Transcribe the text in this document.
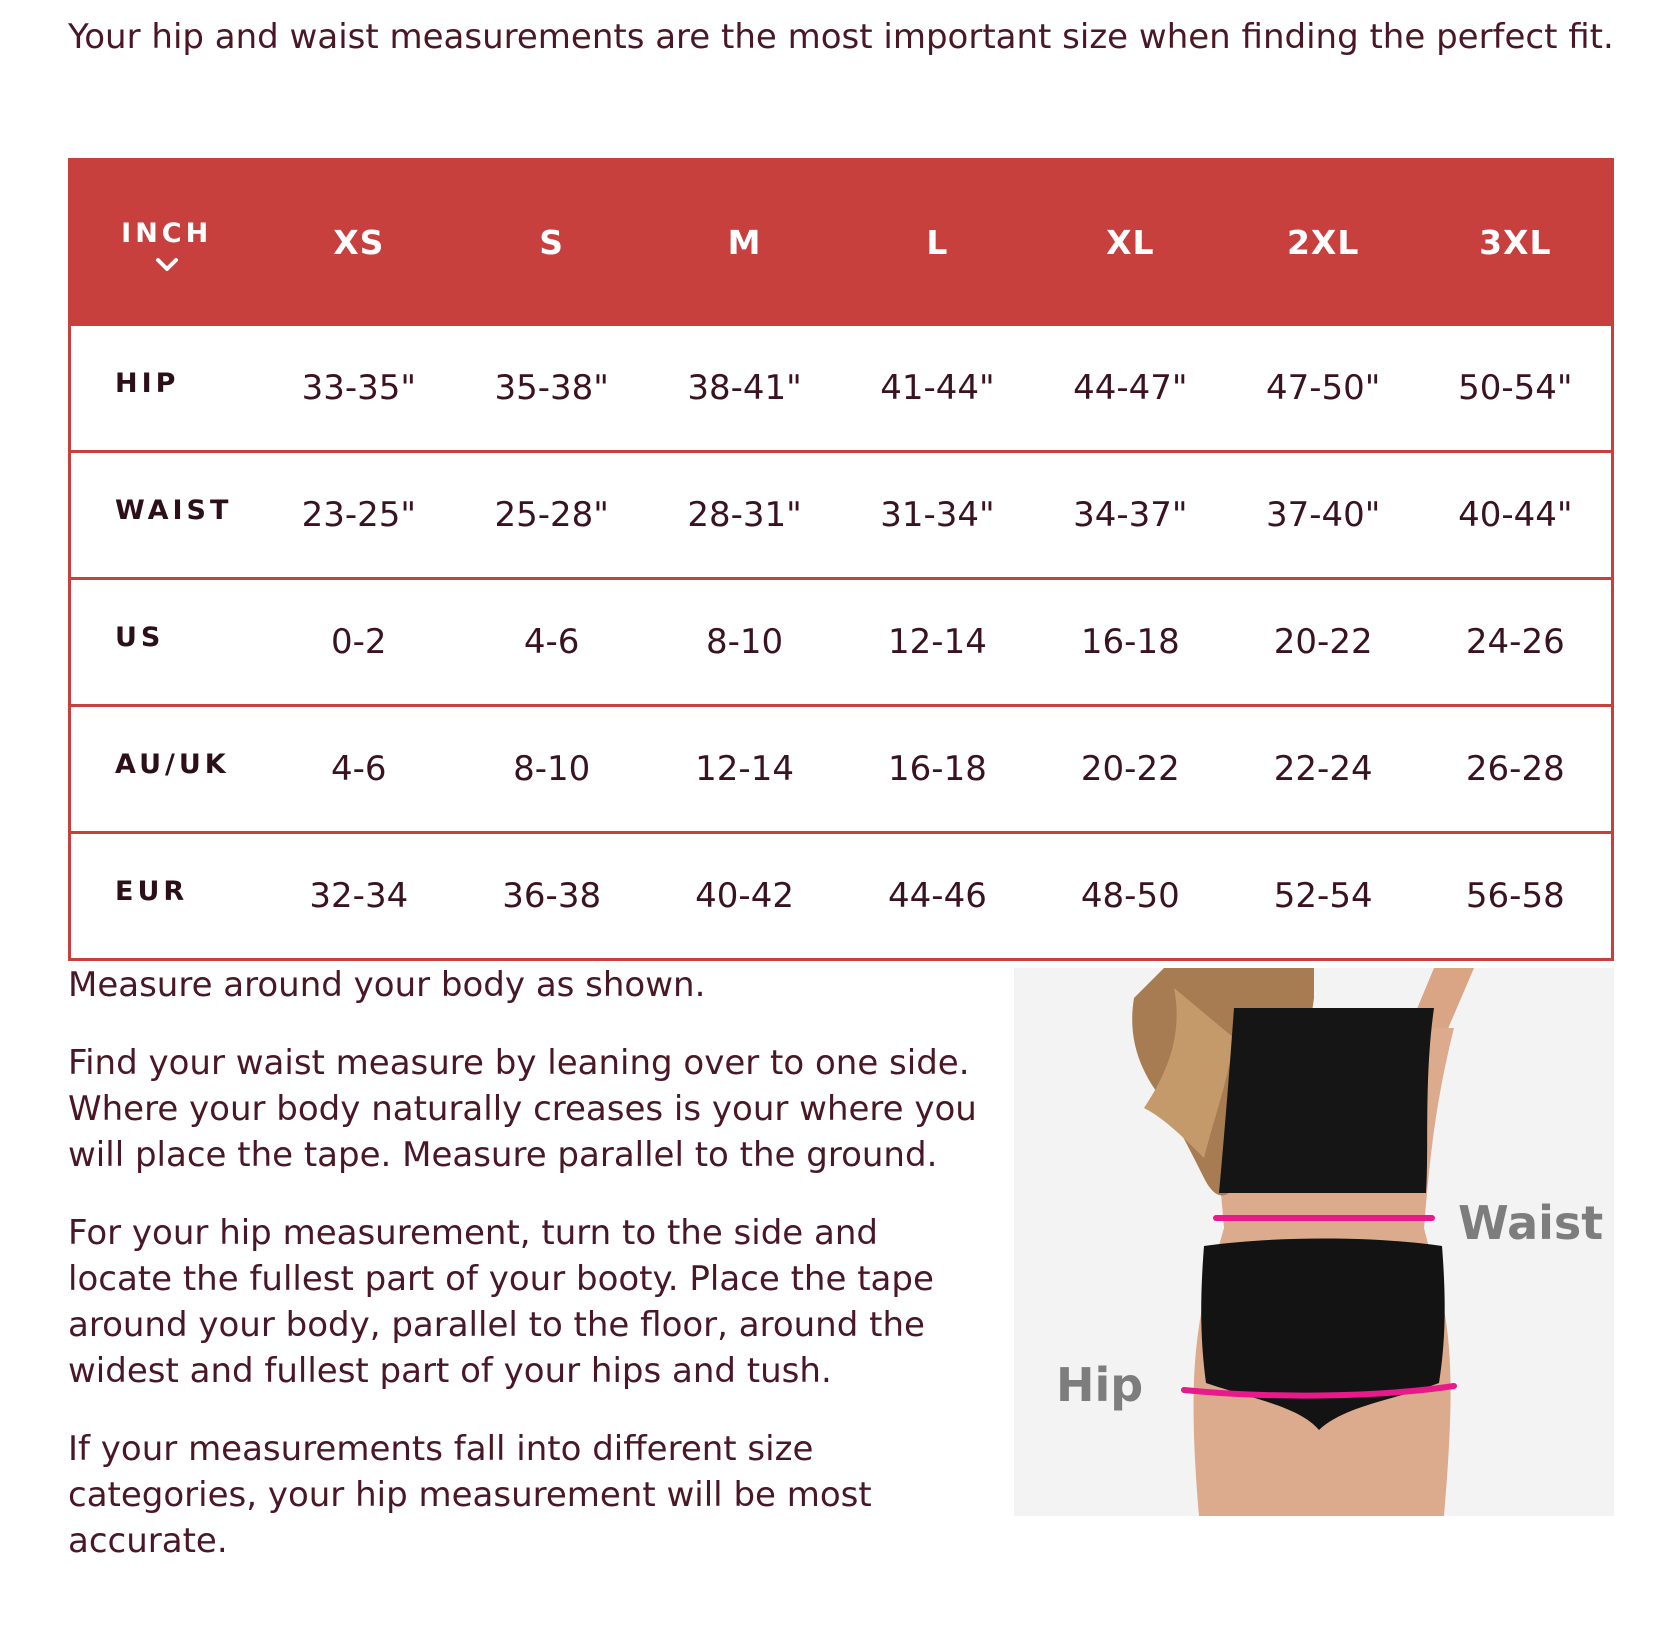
Your hip and waist measurements are the most important size when finding the perfect fit.

INCH	XS	S	M	L	XL	2XL	3XL
HIP	33-35"	35-38"	38-41"	41-44"	44-47"	47-50"	50-54"
WAIST	23-25"	25-28"	28-31"	31-34"	34-37"	37-40"	40-44"
US	0-2	4-6	8-10	12-14	16-18	20-22	24-26
AU/UK	4-6	8-10	12-14	16-18	20-22	22-24	26-28
EUR	32-34	36-38	40-42	44-46	48-50	52-54	56-58

Measure around your body as shown.

Find your waist measure by leaning over to one side. Where your body naturally creases is your where you will place the tape. Measure parallel to the ground.

For your hip measurement, turn to the side and locate the fullest part of your booty. Place the tape around your body, parallel to the floor, around the widest and fullest part of your hips and tush.

If your measurements fall into different size categories, your hip measurement will be most accurate.

Waist
Hip
